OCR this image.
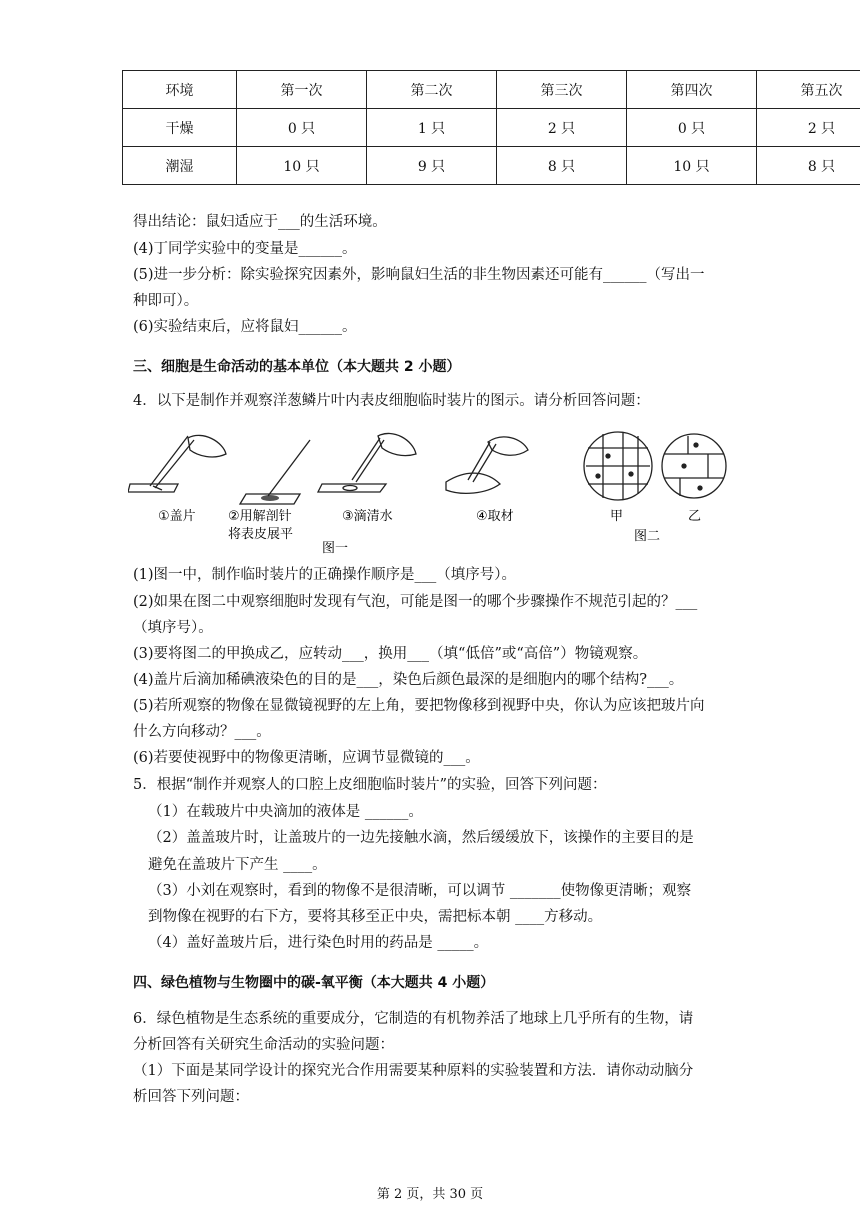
环境	第一次	第二次	第三次	第四次	第五次
干燥	0 只	1 只	2 只	0 只	2 只
潮湿	10 只	9 只	8 只	10 只	8 只
得出结论：鼠妇适应于___的生活环境。
(4)丁同学实验中的变量是______。
(5)进一步分析：除实验探究因素外，影响鼠妇生活的非生物因素还可能有______（写出一
种即可）。
(6)实验结束后，应将鼠妇______。
三、细胞是生命活动的基本单位（本大题共 2 小题）
4．以下是制作并观察洋葱鳞片叶内表皮细胞临时装片的图示。请分析回答问题：
①盖片 ②用解剖针
将表皮展平
③滴清水	④取材
图一
甲	乙
图二
(1)图一中，制作临时装片的正确操作顺序是___（填序号）。
(2)如果在图二中观察细胞时发现有气泡，可能是图一的哪个步骤操作不规范引起的？___
（填序号）。
(3)要将图二的甲换成乙，应转动___，换用___（填“低倍”或“高倍”）物镜观察。
(4)盖片后滴加稀碘液染色的目的是___，染色后颜色最深的是细胞内的哪个结构?___。
(5)若所观察的物像在显微镜视野的左上角，要把物像移到视野中央，你认为应该把玻片向
什么方向移动？___。
(6)若要使视野中的物像更清晰，应调节显微镜的___。
5．根据“制作并观察人的口腔上皮细胞临时装片”的实验，回答下列问题：
（1）在载玻片中央滴加的液体是 ______。
（2）盖盖玻片时，让盖玻片的一边先接触水滴，然后缓缓放下，该操作的主要目的是
避免在盖玻片下产生 ____。
（3）小刘在观察时，看到的物像不是很清晰，可以调节 _______使物像更清晰；观察
到物像在视野的右下方，要将其移至正中央，需把标本朝 ____方移动。
（4）盖好盖玻片后，进行染色时用的药品是 _____。
四、绿色植物与生物圈中的碳-氧平衡（本大题共 4 小题）
6．绿色植物是生态系统的重要成分，它制造的有机物养活了地球上几乎所有的生物，请
分析回答有关研究生命活动的实验问题：
（1）下面是某同学设计的探究光合作用需要某种原料的实验装置和方法．请你动动脑分
析回答下列问题：
第 2 页，共 30 页
